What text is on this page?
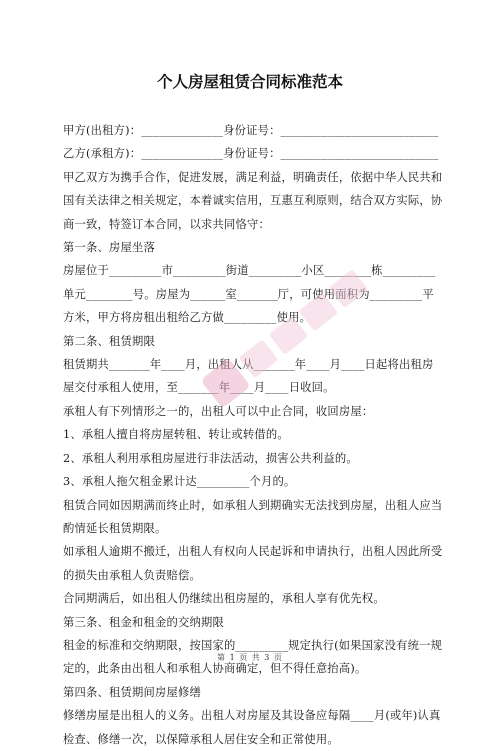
个人房屋租赁合同标准范本

甲方(出租方)：______________身份证号：___________________________

乙方(承租方)：______________身份证号：___________________________

甲乙双方为携手合作，促进发展，满足利益，明确责任，依据中华人民共和国有关法律之相关规定，本着诚实信用，互惠互利原则，结合双方实际，协商一致，特签订本合同，以求共同恪守：

第一条、房屋坐落

房屋位于_________市_________街道_________小区________栋_________单元________号。房屋为______室_______厅，可使用面积为_________平方米，甲方将房租出租给乙方做_________使用。

第二条、租赁期限

租赁期共_______年____月，出租人从_______年____月____日起将出租房屋交付承租人使用，至_______年____月____日收回。

承租人有下列情形之一的，出租人可以中止合同，收回房屋：

1、承租人擅自将房屋转租、转让或转借的。

2、承租人利用承租房屋进行非法活动，损害公共利益的。

3、承租人拖欠租金累计达_________个月的。

租赁合同如因期满而终止时，如承租人到期确实无法找到房屋，出租人应当酌情延长租赁期限。

如承租人逾期不搬迁，出租人有权向人民起诉和申请执行，出租人因此所受的损失由承租人负责赔偿。

合同期满后，如出租人仍继续出租房屋的，承租人享有优先权。

第三条、租金和租金的交纳期限

租金的标准和交纳期限，按国家的_________规定执行(如果国家没有统一规定的，此条由出租人和承租人协商确定，但不得任意抬高)。

第四条、租赁期间房屋修缮

修缮房屋是出租人的义务。出租人对房屋及其设备应每隔____月(或年)认真检查、修缮一次，以保障承租人居住安全和正常使用。

第 1 页 共 3 页
